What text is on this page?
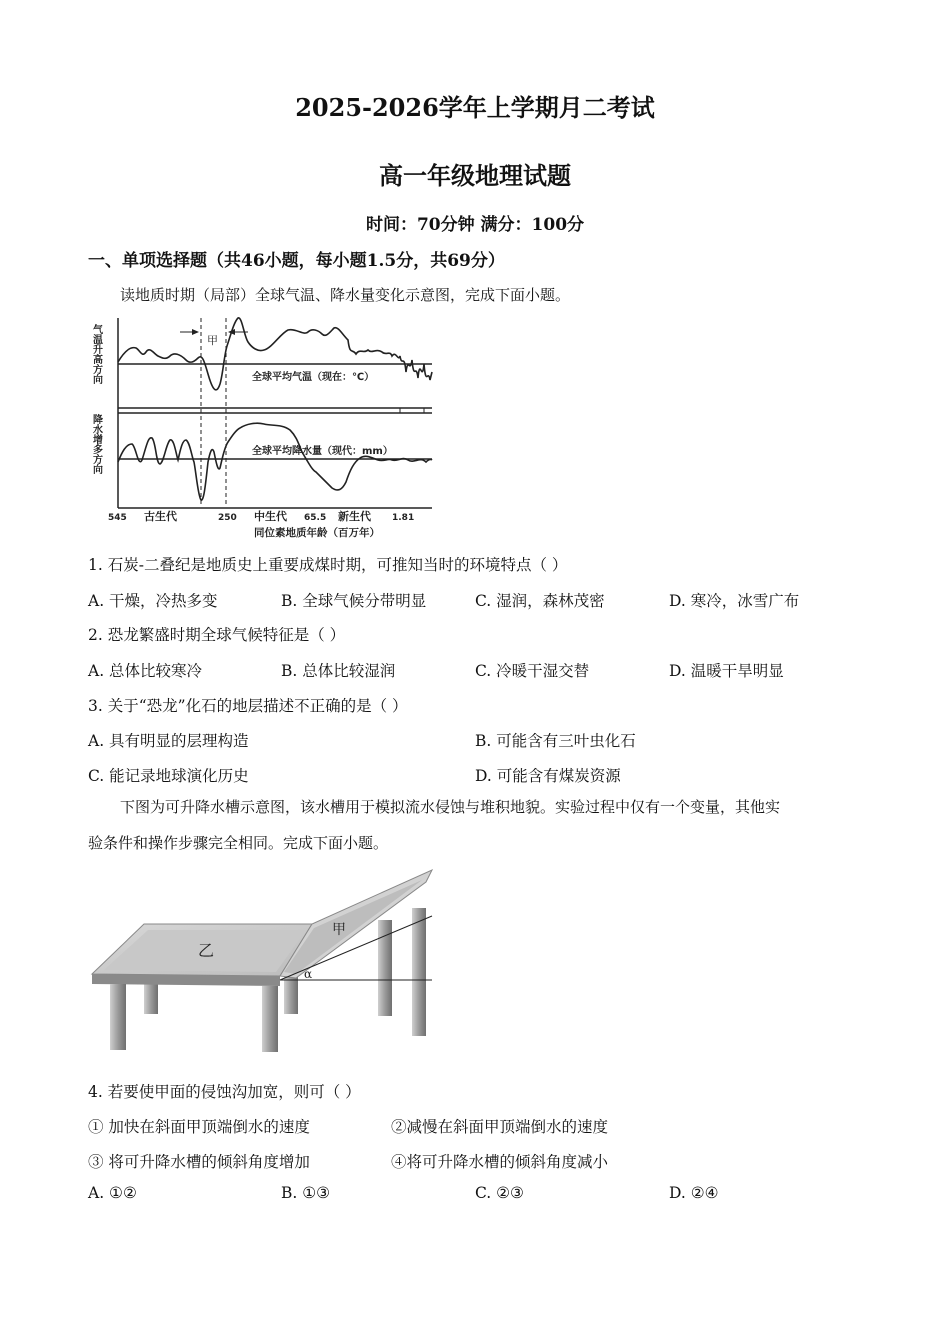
2025-2026学年上学期月二考试
高一年级地理试题
时间：70分钟 满分：100分
一、单项选择题（共46小题，每小题1.5分，共69分）
读地质时期（局部）全球气温、降水量变化示意图，完成下面小题。
气温升高方向
降水增多方向
甲
全球平均气温（现在：℃）
全球平均降水量（现代：mm）
545 古生代	250 中生代 65.5 新生代 1.81
同位素地质年龄（百万年）
1. 石炭-二叠纪是地质史上重要成煤时期，可推知当时的环境特点（ ）
A. 干燥，冷热多变	B. 全球气候分带明显	C. 湿润，森林茂密	D. 寒冷，冰雪广布
2. 恐龙繁盛时期全球气候特征是（ ）
A. 总体比较寒冷	B. 总体比较湿润	C. 冷暖干湿交替	D. 温暖干旱明显
3. 关于“恐龙”化石的地层描述不正确的是（ ）
A. 具有明显的层理构造	B. 可能含有三叶虫化石
C. 能记录地球演化历史	D. 可能含有煤炭资源
下图为可升降水槽示意图，该水槽用于模拟流水侵蚀与堆积地貌。实验过程中仅有一个变量，其他实
验条件和操作步骤完全相同。完成下面小题。
乙
甲
α
4. 若要使甲面的侵蚀沟加宽，则可（ ）
① 加快在斜面甲顶端倒水的速度	②减慢在斜面甲顶端倒水的速度
③ 将可升降水槽的倾斜角度增加	④将可升降水槽的倾斜角度减小
A. ①②	B. ①③	C. ②③	D. ②④
